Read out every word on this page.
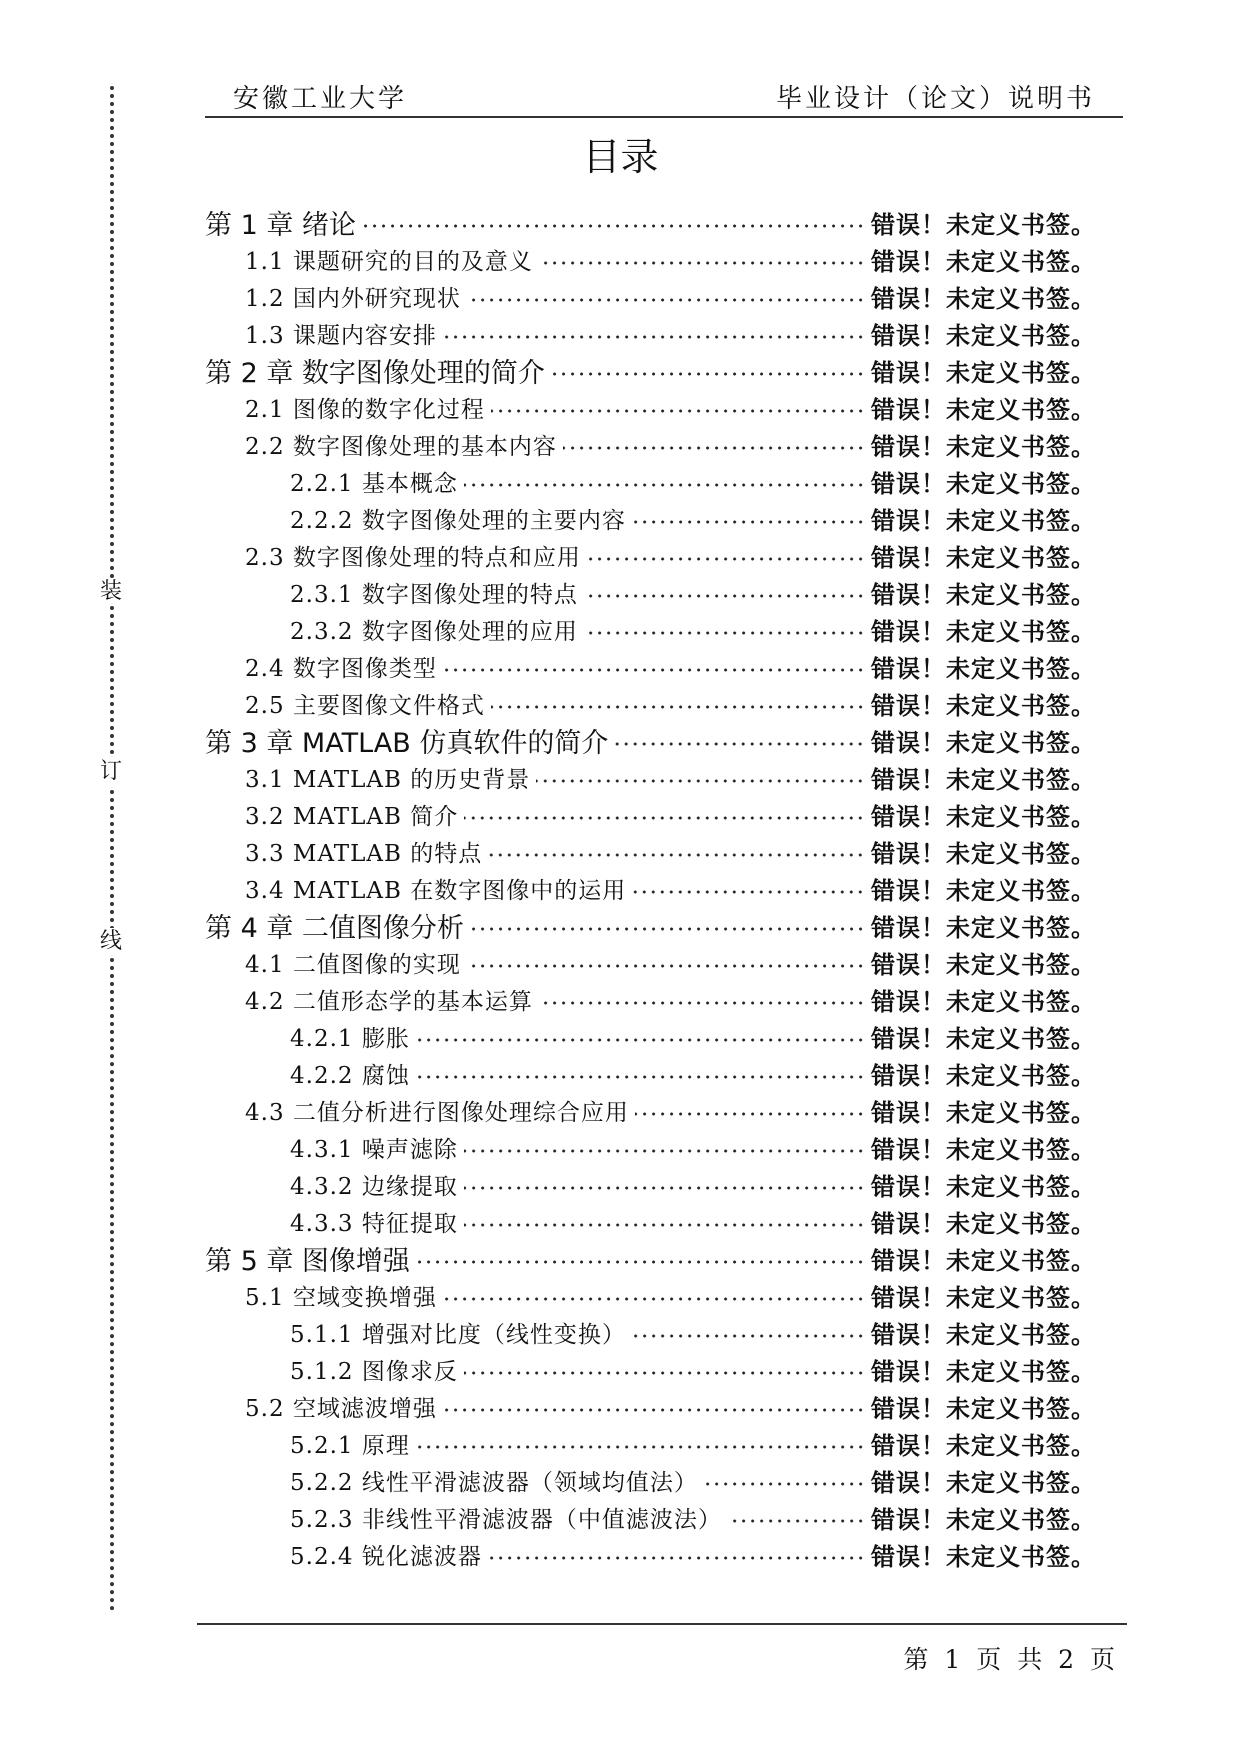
装
订
线
安徽工业大学	毕业设计（论文）说明书
目录
第 1 章 绪论	错误！未定义书签。
1.1 课题研究的目的及意义	错误！未定义书签。
1.2 国内外研究现状	错误！未定义书签。
1.3 课题内容安排	错误！未定义书签。
第 2 章 数字图像处理的简介	错误！未定义书签。
2.1 图像的数字化过程	错误！未定义书签。
2.2 数字图像处理的基本内容	错误！未定义书签。
2.2.1 基本概念	错误！未定义书签。
2.2.2 数字图像处理的主要内容	错误！未定义书签。
2.3 数字图像处理的特点和应用	错误！未定义书签。
2.3.1 数字图像处理的特点	错误！未定义书签。
2.3.2 数字图像处理的应用	错误！未定义书签。
2.4 数字图像类型	错误！未定义书签。
2.5 主要图像文件格式	错误！未定义书签。
第 3 章 MATLAB 仿真软件的简介	错误！未定义书签。
3.1 MATLAB 的历史背景	错误！未定义书签。
3.2 MATLAB 简介	错误！未定义书签。
3.3 MATLAB 的特点	错误！未定义书签。
3.4 MATLAB 在数字图像中的运用	错误！未定义书签。
第 4 章 二值图像分析	错误！未定义书签。
4.1 二值图像的实现	错误！未定义书签。
4.2 二值形态学的基本运算	错误！未定义书签。
4.2.1 膨胀	错误！未定义书签。
4.2.2 腐蚀	错误！未定义书签。
4.3 二值分析进行图像处理综合应用	错误！未定义书签。
4.3.1 噪声滤除	错误！未定义书签。
4.3.2 边缘提取	错误！未定义书签。
4.3.3 特征提取	错误！未定义书签。
第 5 章 图像增强	错误！未定义书签。
5.1 空域变换增强	错误！未定义书签。
5.1.1 增强对比度（线性变换）	错误！未定义书签。
5.1.2 图像求反	错误！未定义书签。
5.2 空域滤波增强	错误！未定义书签。
5.2.1 原理	错误！未定义书签。
5.2.2 线性平滑滤波器（领域均值法）	错误！未定义书签。
5.2.3 非线性平滑滤波器（中值滤波法）	错误！未定义书签。
5.2.4 锐化滤波器	错误！未定义书签。
第 1 页 共 2 页
